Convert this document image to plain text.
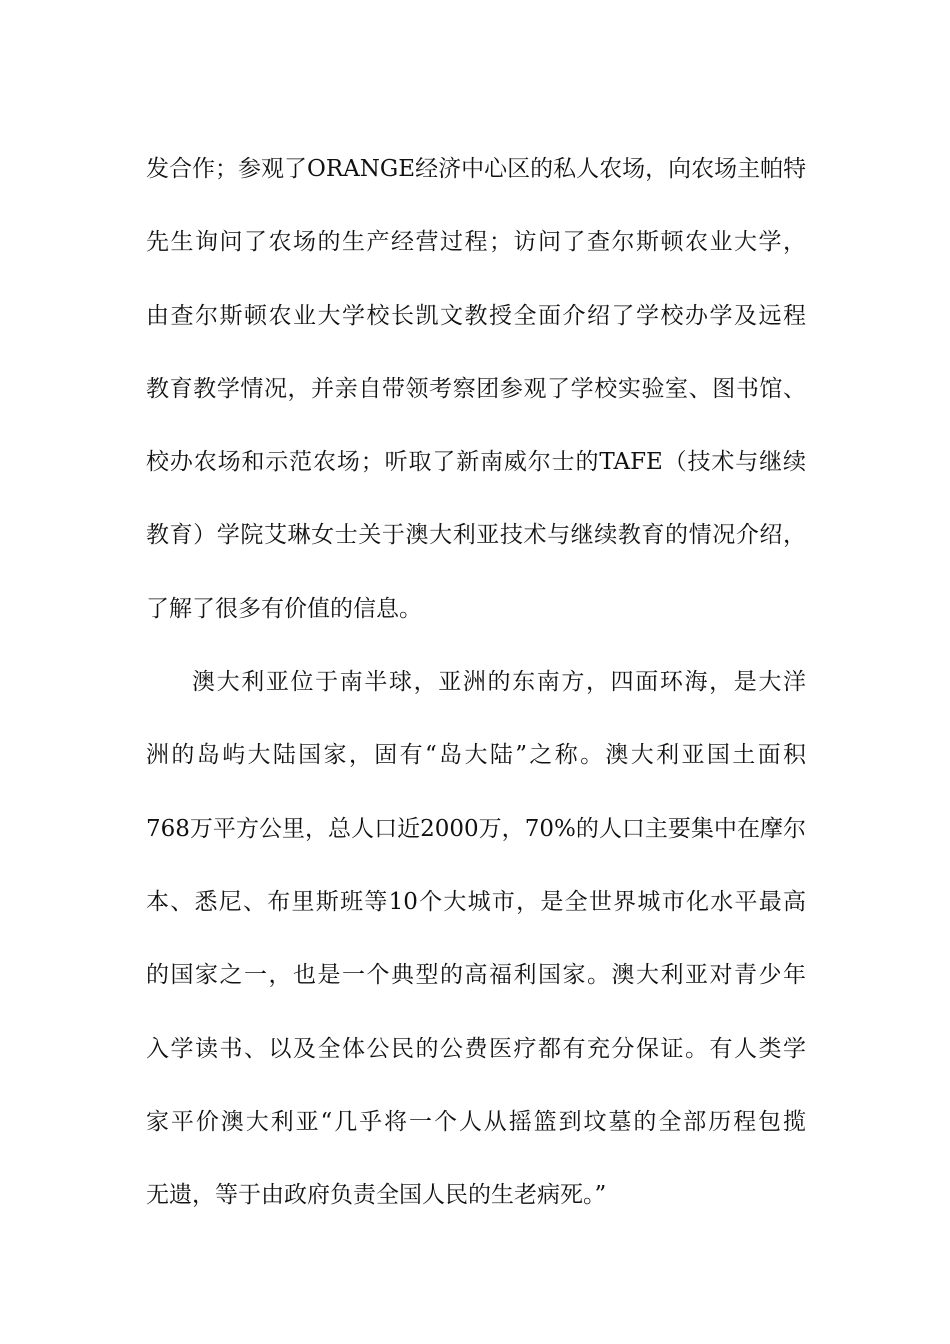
发合作；参观了ORANGE经济中心区的私人农场，向农场主帕特
先生询问了农场的生产经营过程；访问了查尔斯顿农业大学，
由查尔斯顿农业大学校长凯文教授全面介绍了学校办学及远程
教育教学情况，并亲自带领考察团参观了学校实验室、图书馆、
校办农场和示范农场；听取了新南威尔士的TAFE（技术与继续
教育）学院艾琳女士关于澳大利亚技术与继续教育的情况介绍，
了解了很多有价值的信息。
澳大利亚位于南半球，亚洲的东南方，四面环海，是大洋
洲的岛屿大陆国家，固有“岛大陆”之称。澳大利亚国土面积
768万平方公里，总人口近2000万，70%的人口主要集中在摩尔
本、悉尼、布里斯班等10个大城市，是全世界城市化水平最高
的国家之一，也是一个典型的高福利国家。澳大利亚对青少年
入学读书、以及全体公民的公费医疗都有充分保证。有人类学
家平价澳大利亚“几乎将一个人从摇篮到坟墓的全部历程包揽
无遗，等于由政府负责全国人民的生老病死。”
